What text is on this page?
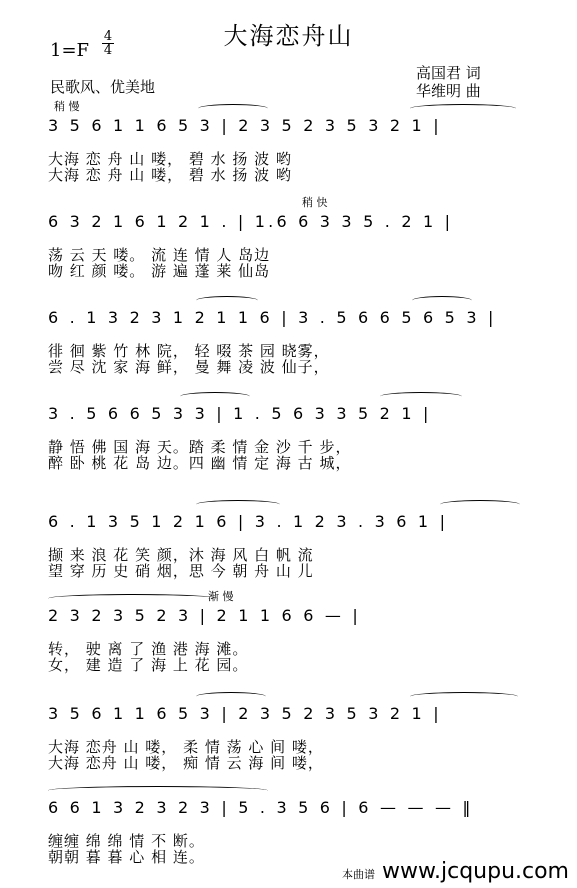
大海恋舟山
1=F
4
4
民歌风、优美地
高国君 词
华维明 曲
稍 慢
3 5 6 1 1 6 5 3 | 2 3 5 2 3 5 3 2 1 |
大海 恋 舟 山 喽， 碧 水 扬 波 哟
大海 恋 舟 山 喽， 碧 水 扬 波 哟
稍 快
6 3 2 1 6 1 2 1 . | 1.6 6 3 3 5 . 2 1 |
荡 云 天 喽。 流 连 情 人 岛边
吻 红 颜 喽。 游 遍 蓬 莱 仙岛
6 . 1 3 2 3 1 2 1 1 6 | 3 . 5 6 6 5 6 5 3 |
徘 徊 紫 竹 林 院， 轻 啜 茶 园 晓雾，
尝 尽 沈 家 海 鲜， 曼 舞 凌 波 仙子，
3 . 5 6 6 5 3 3 | 1 . 5 6 3 3 5 2 1 |
静 悟 佛 国 海 天。踏 柔 情 金 沙 千 步，
醉 卧 桃 花 岛 边。四 幽 情 定 海 古 城，
6 . 1 3 5 1 2 1 6 | 3 . 1 2 3 . 3 6 1 |
撷 来 浪 花 笑 颜，沐 海 风 白 帆 流
望 穿 历 史 硝 烟，思 今 朝 舟 山 儿
渐 慢
2 3 2 3 5 2 3 | 2 1 1 6 6 — |
转， 驶 离 了 渔 港 海 滩。
女， 建 造 了 海 上 花 园。
3 5 6 1 1 6 5 3 | 2 3 5 2 3 5 3 2 1 |
大海 恋舟 山 喽， 柔 情 荡 心 间 喽，
大海 恋舟 山 喽， 痴 情 云 海 间 喽，
6 6 1 3 2 3 2 3 | 5 . 3 5 6 | 6 — — — ‖
缠缠 绵 绵 情 不 断。
朝朝 暮 暮 心 相 连。
本曲谱 www.jcqupu.com
